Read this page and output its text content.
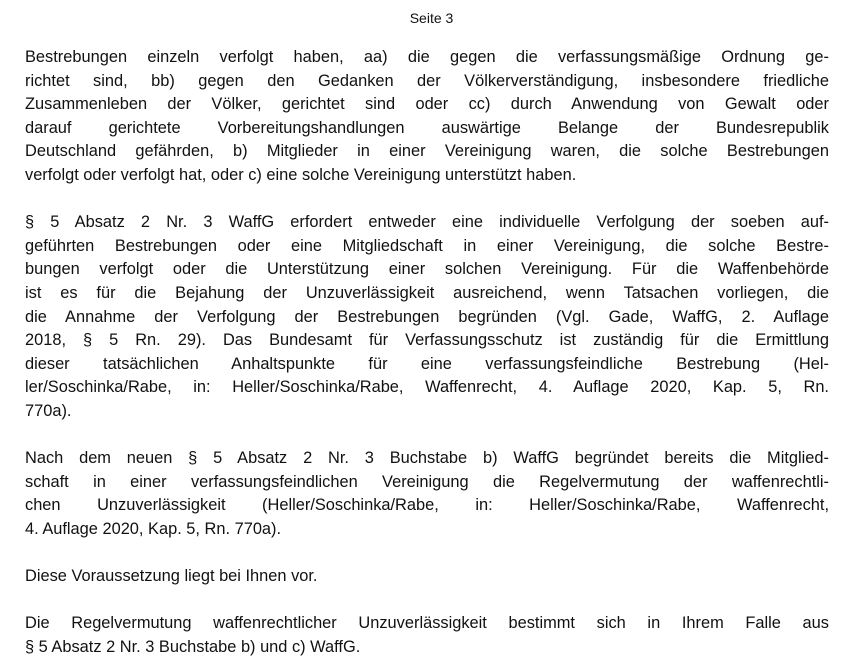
Seite 3

Bestrebungen einzeln verfolgt haben, aa) die gegen die verfassungsmäßige Ordnung ge-
richtet sind, bb) gegen den Gedanken der Völkerverständigung, insbesondere friedliche
Zusammenleben der Völker, gerichtet sind oder cc) durch Anwendung von Gewalt oder
darauf gerichtete Vorbereitungshandlungen auswärtige Belange der Bundesrepublik
Deutschland gefährden, b) Mitglieder in einer Vereinigung waren, die solche Bestrebungen
verfolgt oder verfolgt hat, oder c) eine solche Vereinigung unterstützt haben.

§ 5 Absatz 2 Nr. 3 WaffG erfordert entweder eine individuelle Verfolgung der soeben auf-
geführten Bestrebungen oder eine Mitgliedschaft in einer Vereinigung, die solche Bestre-
bungen verfolgt oder die Unterstützung einer solchen Vereinigung. Für die Waffenbehörde
ist es für die Bejahung der Unzuverlässigkeit ausreichend, wenn Tatsachen vorliegen, die
die Annahme der Verfolgung der Bestrebungen begründen (Vgl. Gade, WaffG, 2. Auflage
2018, § 5 Rn. 29). Das Bundesamt für Verfassungsschutz ist zuständig für die Ermittlung
dieser tatsächlichen Anhaltspunkte für eine verfassungsfeindliche Bestrebung (Hel-
ler/Soschinka/Rabe, in: Heller/Soschinka/Rabe, Waffenrecht, 4. Auflage 2020, Kap. 5, Rn.
770a).

Nach dem neuen § 5 Absatz 2 Nr. 3 Buchstabe b) WaffG begründet bereits die Mitglied-
schaft in einer verfassungsfeindlichen Vereinigung die Regelvermutung der waffenrechtli-
chen Unzuverlässigkeit (Heller/Soschinka/Rabe, in: Heller/Soschinka/Rabe, Waffenrecht,
4. Auflage 2020, Kap. 5, Rn. 770a).

Diese Voraussetzung liegt bei Ihnen vor.

Die Regelvermutung waffenrechtlicher Unzuverlässigkeit bestimmt sich in Ihrem Falle aus
§ 5 Absatz 2 Nr. 3 Buchstabe b) und c) WaffG.
